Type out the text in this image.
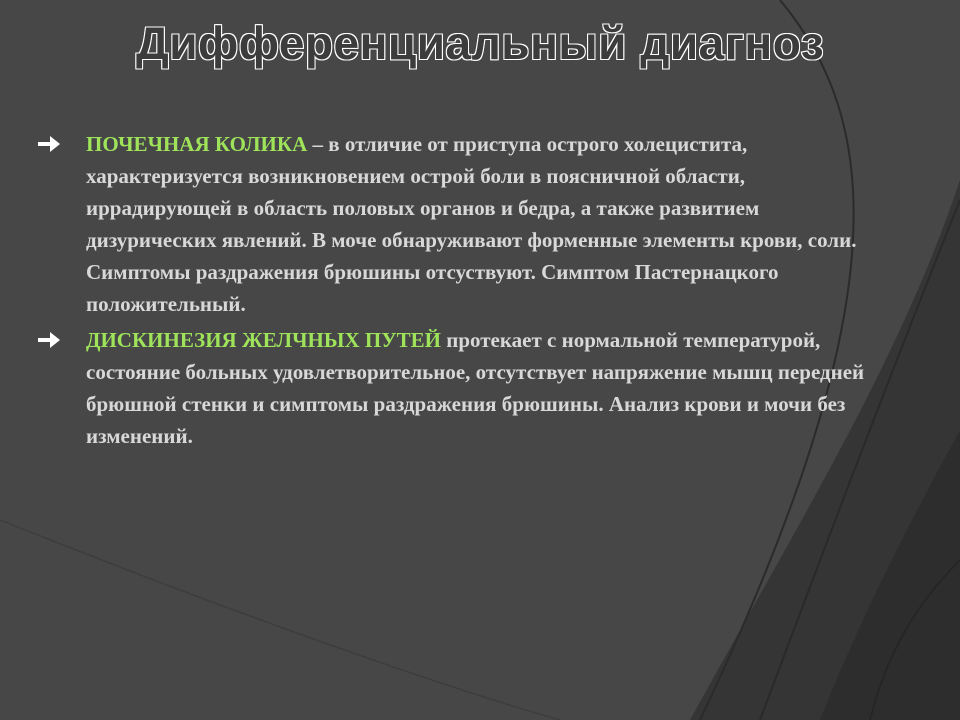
Дифференциальный диагноз
ПОЧЕЧНАЯ КОЛИКА – в отличие от приступа острого холецистита, характеризуется возникновением острой боли в поясничной области, иррадирующей в область половых органов и бедра, а также развитием дизурических явлений. В моче обнаруживают форменные элементы крови, соли. Симптомы раздражения брюшины отсуствуют. Симптом Пастернацкого положительный.
ДИСКИНЕЗИЯ ЖЕЛЧНЫХ ПУТЕЙ протекает с нормальной температурой, состояние больных удовлетворительное, отсутствует напряжение мышц передней брюшной стенки и симптомы раздражения брюшины. Анализ крови и мочи без изменений.
